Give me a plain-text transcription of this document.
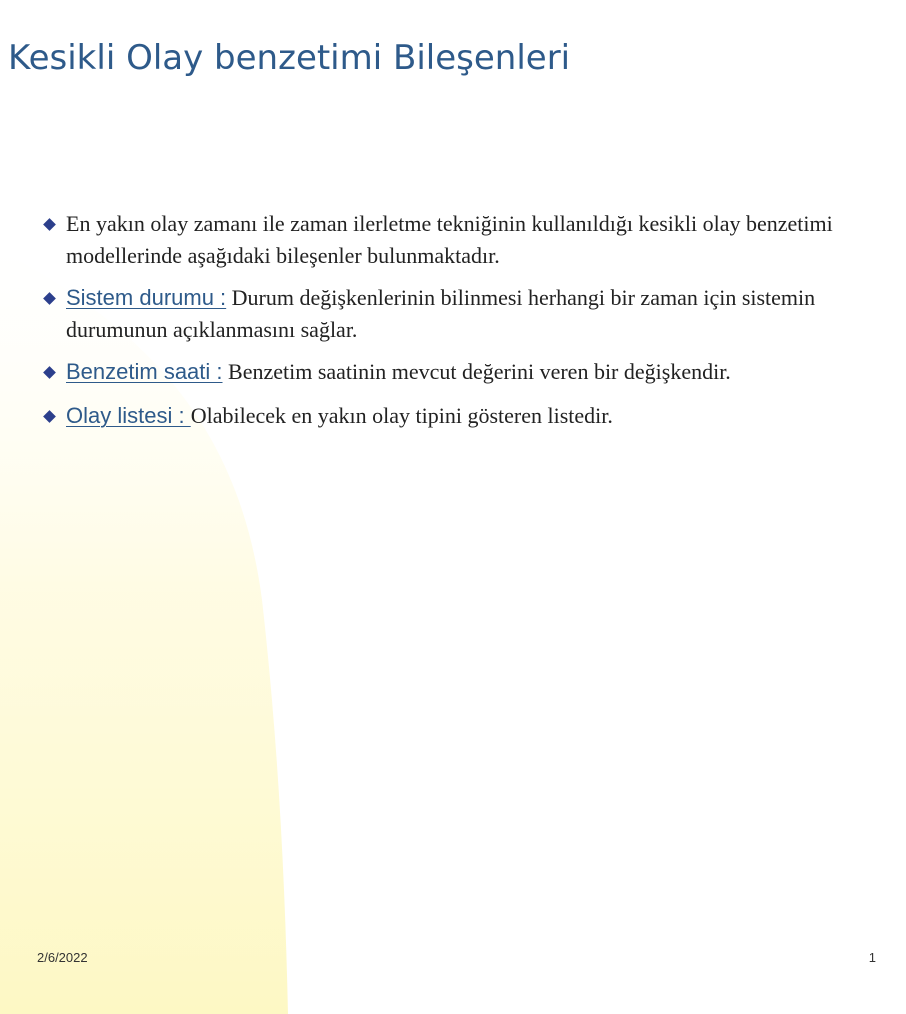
Kesikli Olay benzetimi Bileşenleri
En yakın olay zamanı ile zaman ilerletme tekniğinin kullanıldığı kesikli olay benzetimi modellerinde aşağıdaki bileşenler bulunmaktadır.
Sistem durumu : Durum değişkenlerinin bilinmesi herhangi bir zaman için sistemin durumunun açıklanmasını sağlar.
Benzetim saati : Benzetim saatinin mevcut değerini veren bir değişkendir.
Olay listesi : Olabilecek en yakın olay tipini gösteren listedir.
2/6/2022	1
